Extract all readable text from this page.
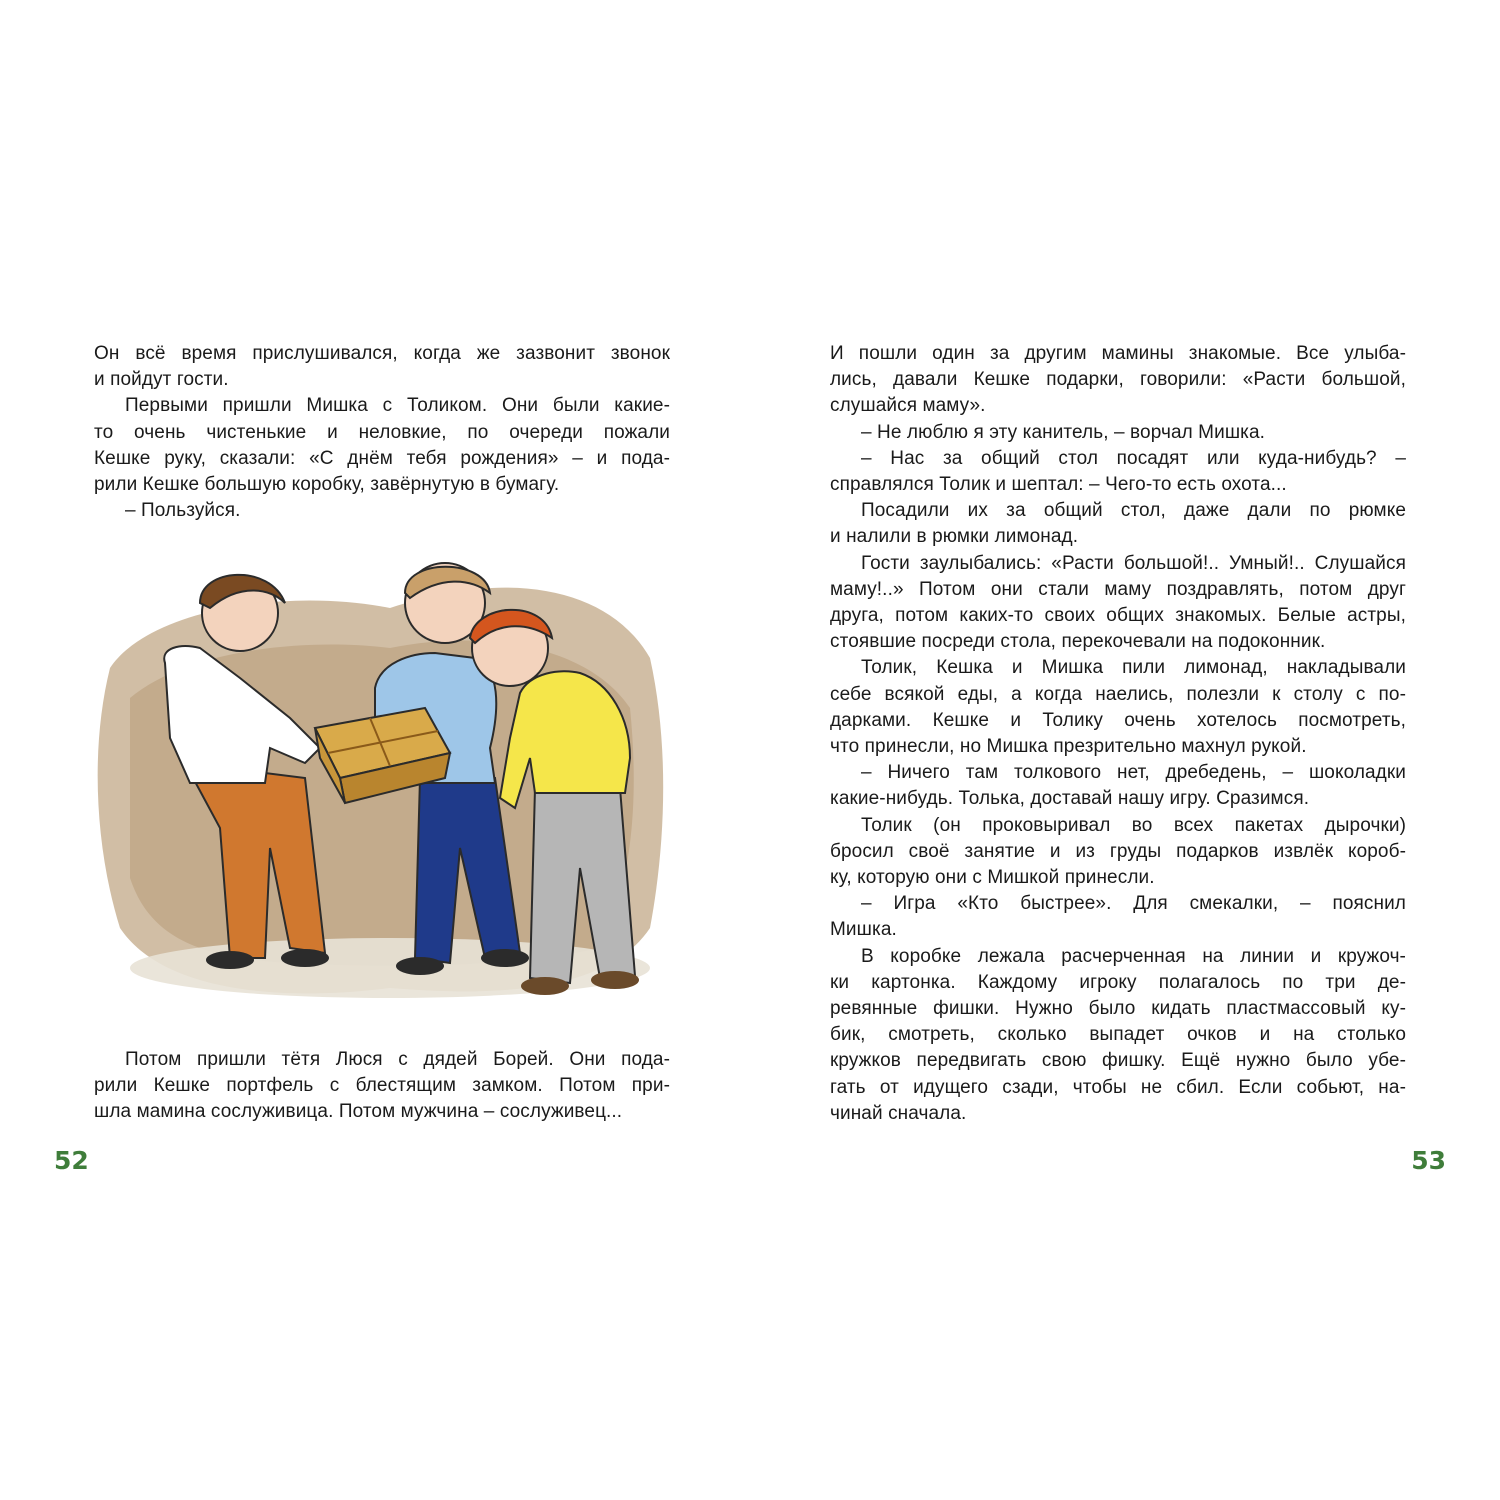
Он всё время прислушивался, когда же зазвонит звонок

и пойдут гости.

Первыми пришли Мишка с Толиком. Они были какие-

то очень чистенькие и неловкие, по очереди пожали

Кешке руку, сказали: «С днём тебя рождения» – и пода-

рили Кешке большую коробку, завёрнутую в бумагу.

– Пользуйся.

Потом пришли тётя Люся с дядей Борей. Они пода-

рили Кешке портфель с блестящим замком. Потом при-

шла мамина сослуживица. Потом мужчина – сослуживец...

52

И пошли один за другим мамины знакомые. Все улыба-

лись, давали Кешке подарки, говорили: «Расти большой,

слушайся маму».

– Не люблю я эту канитель, – ворчал Мишка.

– Нас за общий стол посадят или куда-нибудь? –

справлялся Толик и шептал: – Чего-то есть охота...

Посадили их за общий стол, даже дали по рюмке

и налили в рюмки лимонад.

Гости заулыбались: «Расти большой!.. Умный!.. Слушайся

маму!..» Потом они стали маму поздравлять, потом друг

друга, потом каких-то своих общих знакомых. Белые астры,

стоявшие посреди стола, перекочевали на подоконник.

Толик, Кешка и Мишка пили лимонад, накладывали

себе всякой еды, а когда наелись, полезли к столу с по-

дарками. Кешке и Толику очень хотелось посмотреть,

что принесли, но Мишка презрительно махнул рукой.

– Ничего там толкового нет, дребедень, – шоколадки

какие-нибудь. Толька, доставай нашу игру. Сразимся.

Толик (он проковыривал во всех пакетах дырочки)

бросил своё занятие и из груды подарков извлёк короб-

ку, которую они с Мишкой принесли.

– Игра «Кто быстрее». Для смекалки, – пояснил

Мишка.

В коробке лежала расчерченная на линии и кружоч-

ки картонка. Каждому игроку полагалось по три де-

ревянные фишки. Нужно было кидать пластмассовый ку-

бик, смотреть, сколько выпадет очков и на столько

кружков передвигать свою фишку. Ещё нужно было убе-

гать от идущего сзади, чтобы не сбил. Если собьют, на-

чинай сначала.

53
